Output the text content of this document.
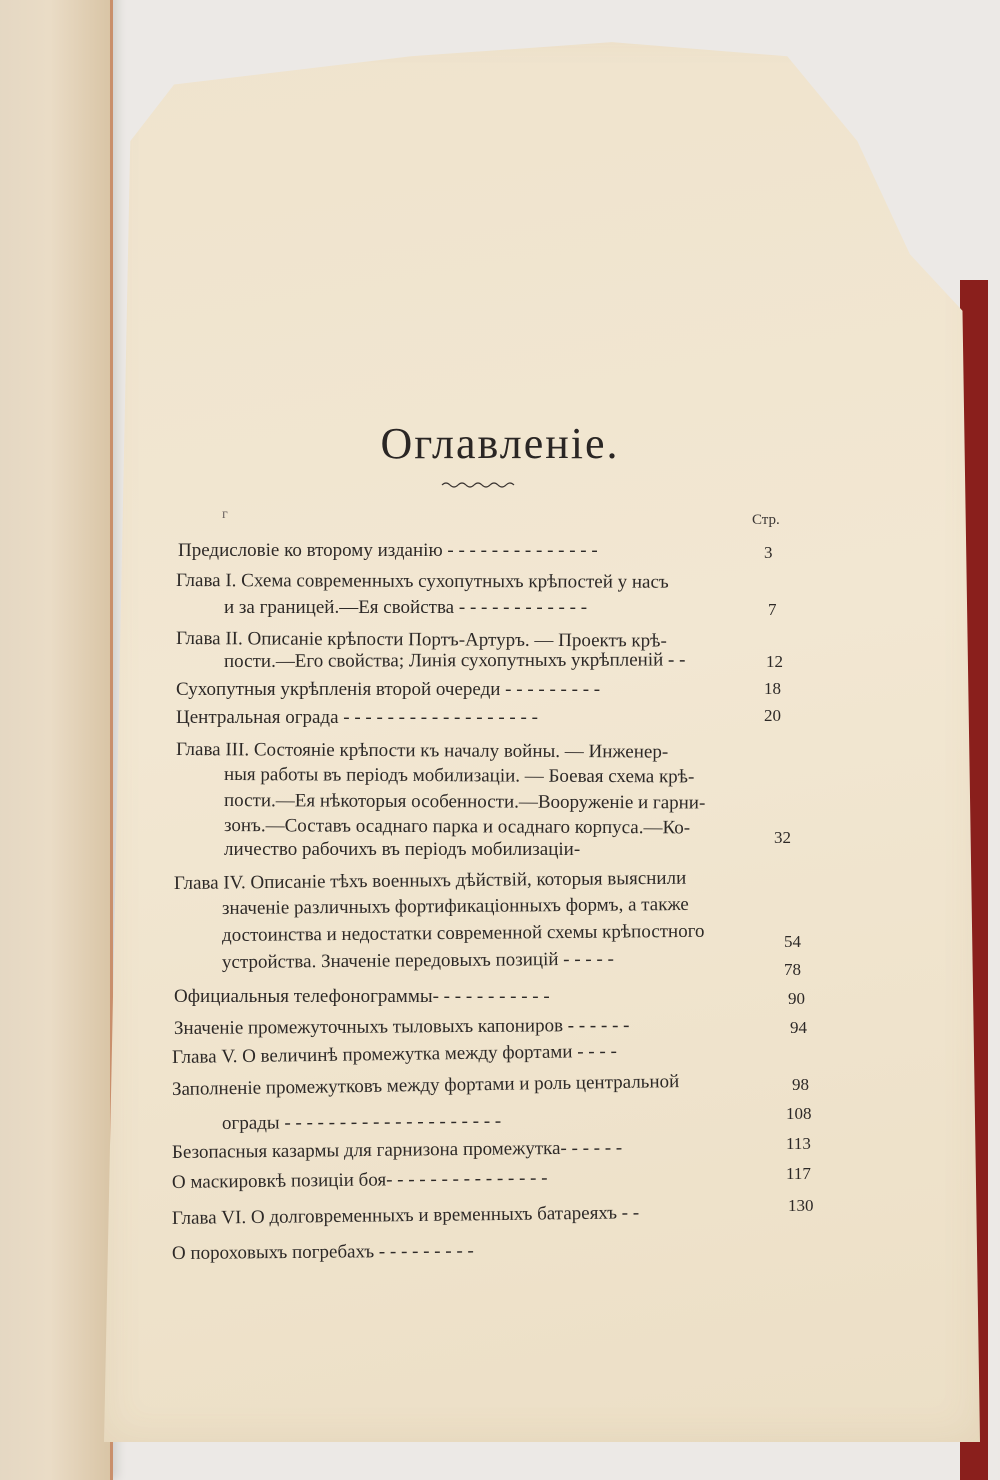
Оглавленіе.
г	Стр.
Предисловіе ко второму изданію - - - - - - - - - - - - - -
Глава I. Схема современныхъ сухопутныхъ крѣпостей у насъ
и за границей.—Ея свойства - - - - - - - - - - - -
Глава II. Описаніе крѣпости Портъ-Артуръ. — Проектъ крѣ-
пости.—Его свойства; Линія сухопутныхъ укрѣпленій - -
Сухопутныя укрѣпленія второй очереди - - - - - - - - -
Центральная ограда - - - - - - - - - - - - - - - - - -
Глава III. Состояніе крѣпости къ началу войны. — Инженер-
ныя работы въ періодъ мобилизаціи. — Боевая схема крѣ-
пости.—Ея нѣкоторыя особенности.—Вооруженіе и гарни-
зонъ.—Составъ осаднаго парка и осаднаго корпуса.—Ко-
личество рабочихъ въ періодъ мобилизаціи-
Глава IV. Описаніе тѣхъ военныхъ дѣйствій, которыя выяснили
значеніе различныхъ фортификаціонныхъ формъ, а также
достоинства и недостатки современной схемы крѣпостного
устройства. Значеніе передовыхъ позицій - - - - -
Официальныя телефонограммы- - - - - - - - - - -
Значеніе промежуточныхъ тыловыхъ капониров - - - - - -
Глава V. О величинѣ промежутка между фортами - - - -
Заполненіе промежутковъ между фортами и роль центральной
ограды - - - - - - - - - - - - - - - - - - - -
Безопасныя казармы для гарнизона промежутка- - - - - -
О маскировкѣ позиціи боя- - - - - - - - - - - - - - -
Глава VI. О долговременныхъ и временныхъ батареяхъ - -
О пороховыхъ погребахъ - - - - - - - - -
3
7
12
18
20
32
54
78
90
94
98
108
113
117
130
